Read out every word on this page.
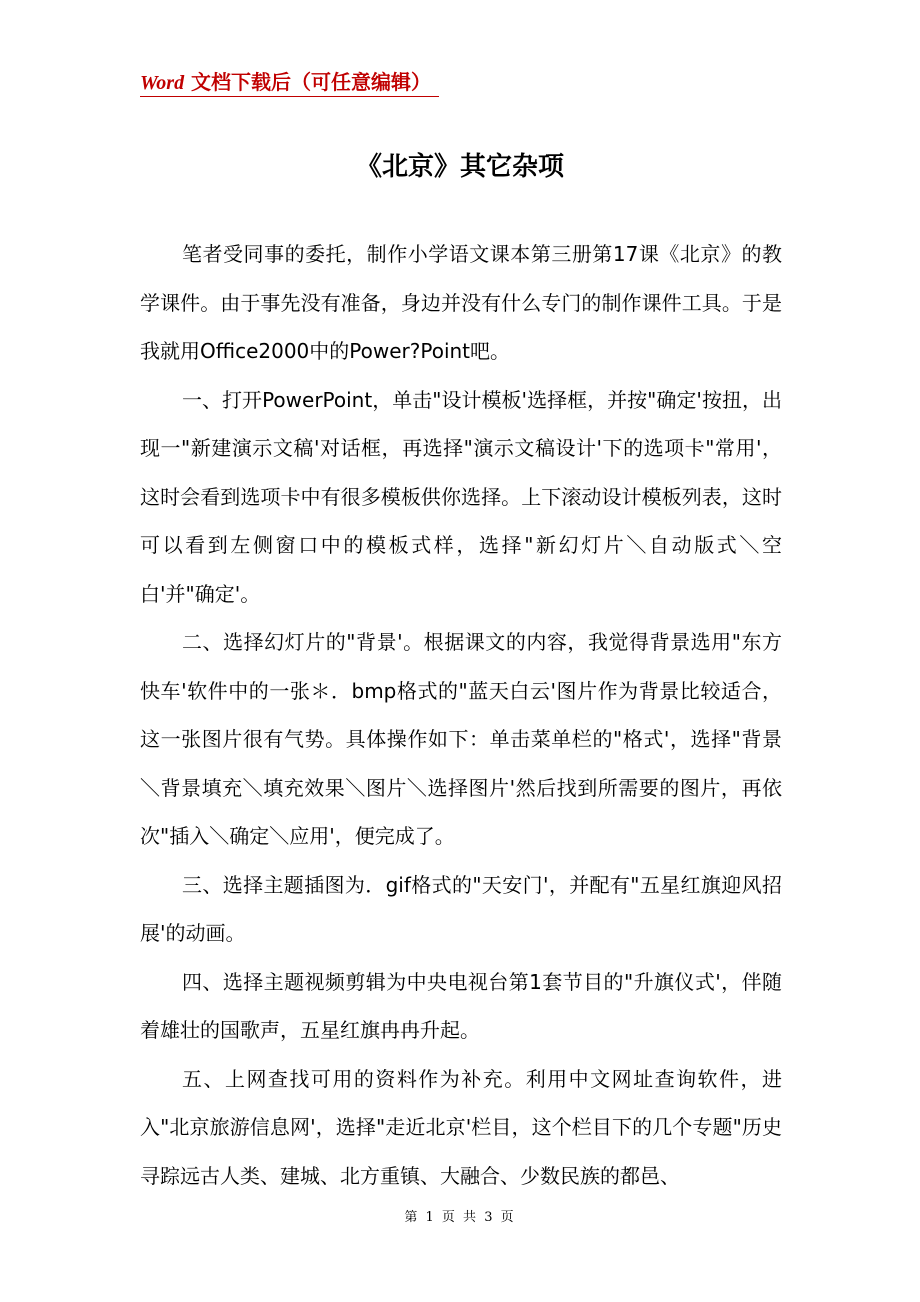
Word 文档下载后（可任意编辑）
《北京》其它杂项

笔者受同事的委托，制作小学语文课本第三册第17课《北京》的教学课件。由于事先没有准备，身边并没有什么专门的制作课件工具。于是我就用Office2000中的Power?Point吧。

一、打开PowerPoint，单击"设计模板'选择框，并按"确定'按扭，出现一"新建演示文稿'对话框，再选择"演示文稿设计'下的选项卡"常用'，这时会看到选项卡中有很多模板供你选择。上下滚动设计模板列表，这时可以看到左侧窗口中的模板式样，选择"新幻灯片＼自动版式＼空白'并"确定'。

二、选择幻灯片的"背景'。根据课文的内容，我觉得背景选用"东方快车'软件中的一张＊．bmp格式的"蓝天白云'图片作为背景比较适合，这一张图片很有气势。具体操作如下：单击菜单栏的"格式'，选择"背景＼背景填充＼填充效果＼图片＼选择图片'然后找到所需要的图片，再依次"插入＼确定＼应用'，便完成了。

三、选择主题插图为．gif格式的"天安门'，并配有"五星红旗迎风招展'的动画。

四、选择主题视频剪辑为中央电视台第1套节目的"升旗仪式'，伴随着雄壮的国歌声，五星红旗冉冉升起。

五、上网查找可用的资料作为补充。利用中文网址查询软件，进入"北京旅游信息网'，选择"走近北京'栏目，这个栏目下的几个专题"历史寻踪远古人类、建城、北方重镇、大融合、少数民族的都邑、

第 1 页 共 3 页
